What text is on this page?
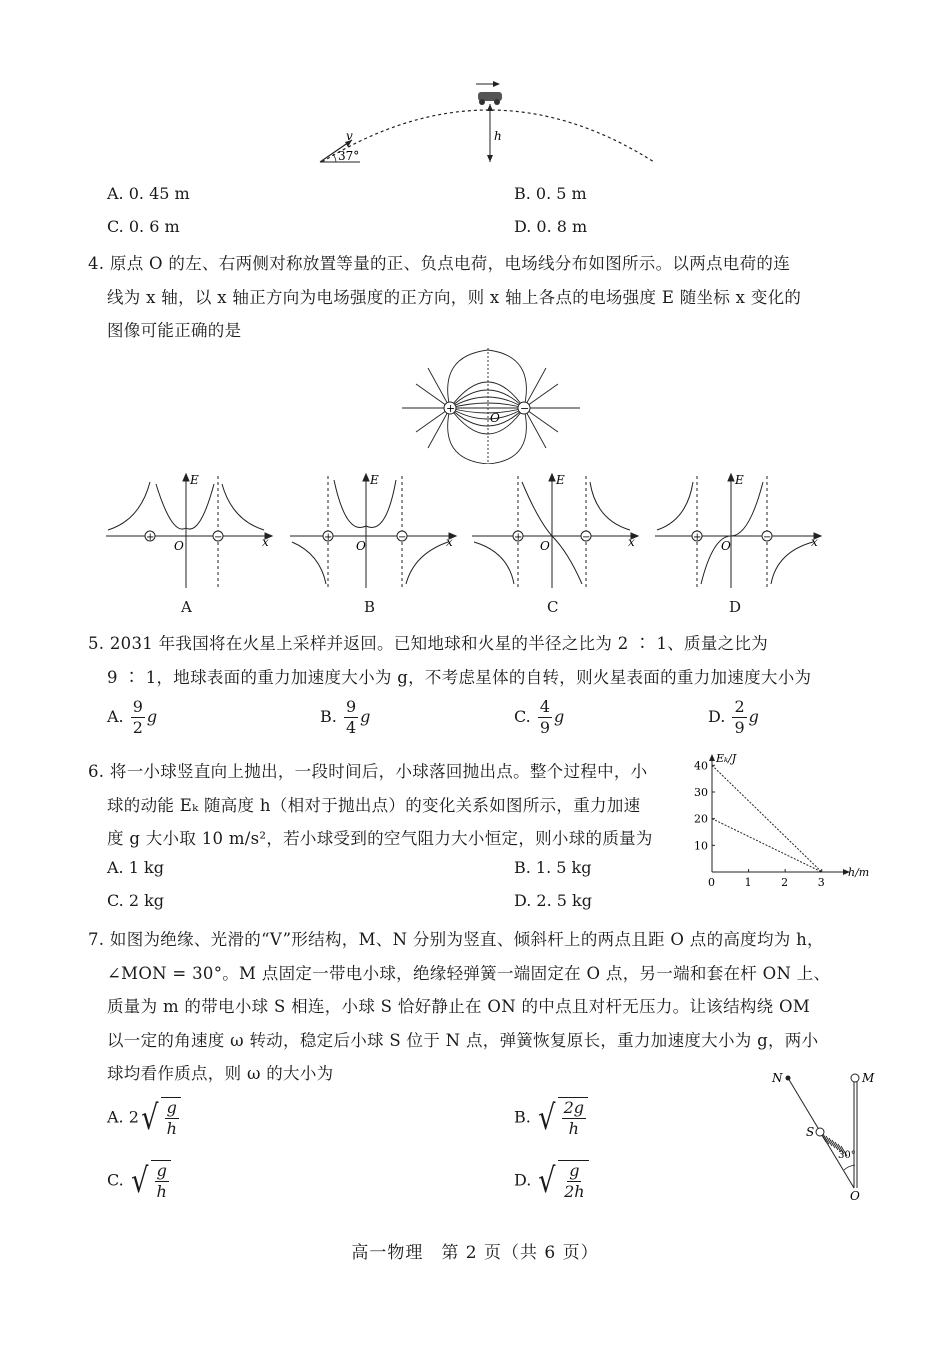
v
37°
h
A. 0. 45 m	B. 0. 5 m
C. 0. 6 m	D. 0. 8 m
4. 原点 O 的左、右两侧对称放置等量的正、负点电荷，电场线分布如图所示。以两点电荷的连
线为 x 轴，以 x 轴正方向为电场强度的正方向，则 x 轴上各点的电场强度 E 随坐标 x 变化的
图像可能正确的是
+	−
O
+	−
E
x
O
+	−
E
x
O
+	−
E
x
O
+	−
E
x
O
A	B	C	D
5. 2031 年我国将在火星上采样并返回。已知地球和火星的半径之比为 2 ∶ 1、质量之比为
9 ∶ 1，地球表面的重力加速度大小为 g，不考虑星体的自转，则火星表面的重力加速度大小为
A. $\frac{9}{2}$ g	B. $\frac{9}{4}$ g	C. $\frac{4}{9}$ g	D. $\frac{2}{9}$ g
6. 将一小球竖直向上抛出，一段时间后，小球落回抛出点。整个过程中，小
球的动能 Eₖ 随高度 h（相对于抛出点）的变化关系如图所示，重力加速
度 g 大小取 10 m/s²，若小球受到的空气阻力大小恒定，则小球的质量为
A. 1 kg	B. 1. 5 kg
C. 2 kg	D. 2. 5 kg
0	1	2	3
10
20
30
40
h/m
Eₖ/J
7. 如图为绝缘、光滑的“V”形结构，M、N 分别为竖直、倾斜杆上的两点且距 O 点的高度均为 h，
∠MON = 30°。M 点固定一带电小球，绝缘轻弹簧一端固定在 O 点，另一端和套在杆 ON 上、
质量为 m 的带电小球 S 相连，小球 S 恰好静止在 ON 的中点且对杆无压力。让该结构绕 OM
以一定的角速度 ω 转动，稳定后小球 S 位于 N 点，弹簧恢复原长，重力加速度大小为 g，两小
球均看作质点，则 ω 的大小为	N	M
S
O
30°
A. 2 √ $\frac{g}{h}$	B. √ $\frac{2g}{h}$
C. √ $\frac{g}{h}$	D. √ $\frac{g}{2h}$
高一物理　第 2 页（共 6 页）
